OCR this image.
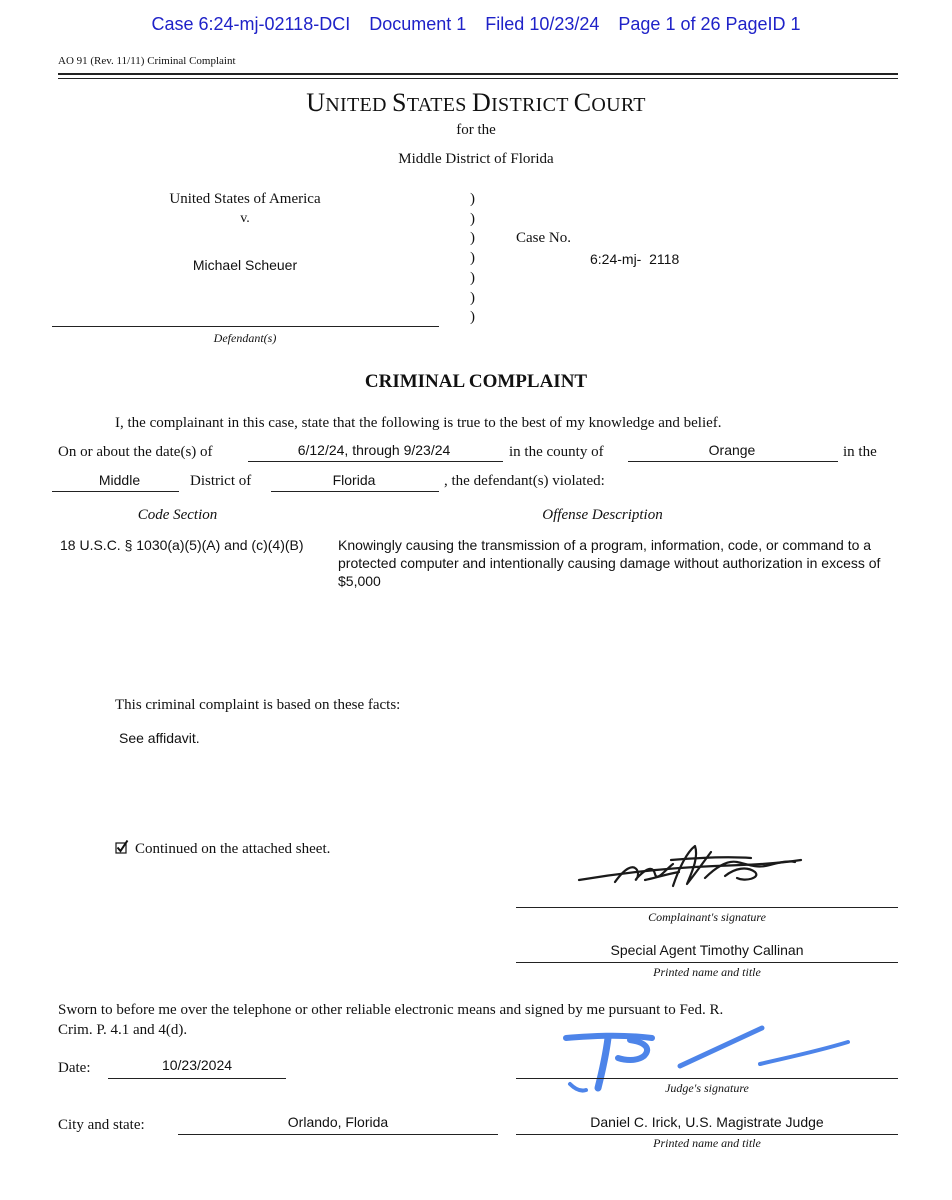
Case 6:24-mj-02118-DCI Document 1 Filed 10/23/24 Page 1 of 26 PageID 1
AO 91 (Rev. 11/11) Criminal Complaint
UNITED STATES DISTRICT COURT
for the
Middle District of Florida
United States of America
v.
Michael Scheuer
Defendant(s)
)
)
)
)
)
)
)
Case No.
6:24-mj-  2118
CRIMINAL COMPLAINT
I, the complainant in this case, state that the following is true to the best of my knowledge and belief.
On or about the date(s) of	6/12/24, through 9/23/24	in the county of	Orange	in the
Middle	District of	Florida	, the defendant(s) violated:
Code Section	Offense Description
18 U.S.C. § 1030(a)(5)(A) and (c)(4)(B) Knowingly causing the transmission of a program, information, code, or command to a protected computer and intentionally causing damage without authorization in excess of $5,000
This criminal complaint is based on these facts:
See affidavit.
Continued on the attached sheet.
Complainant's signature
Special Agent Timothy Callinan
Printed name and title
Sworn to before me over the telephone or other reliable electronic means and signed by me pursuant to Fed. R. Crim. P. 4.1 and 4(d).
Date:	10/23/2024
Judge's signature
City and state:	Orlando, Florida	Daniel C. Irick, U.S. Magistrate Judge
Printed name and title
